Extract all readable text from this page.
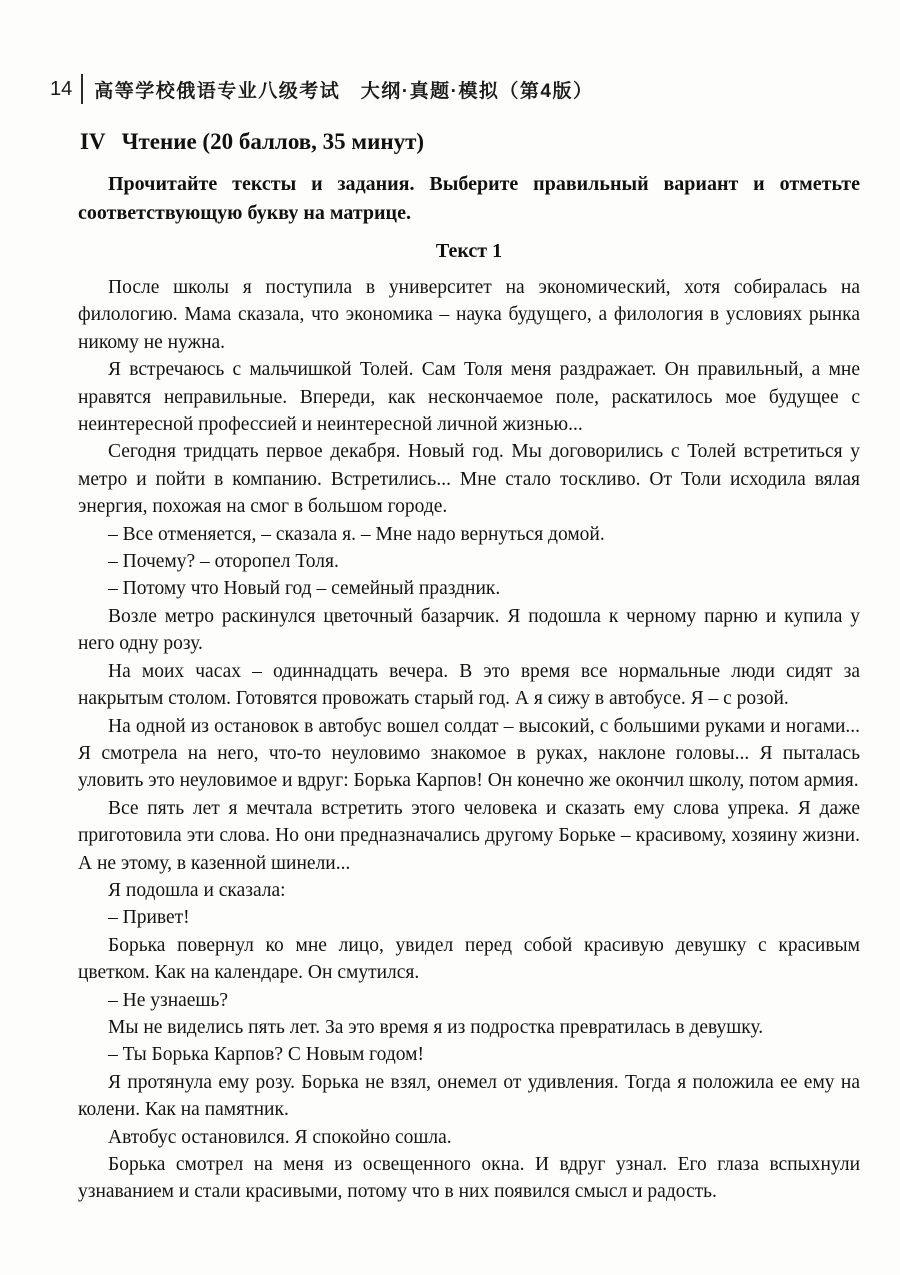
14 高等学校俄语专业八级考试　大纲·真题·模拟（第4版）
IV Чтение (20 баллов, 35 минут)

Прочитайте тексты и задания. Выберите правильный вариант и отметьте соответствующую букву на матрице.

Текст 1

После школы я поступила в университет на экономический, хотя собиралась на филологию. Мама сказала, что экономика – наука будущего, а филология в условиях рынка никому не нужна.

Я встречаюсь с мальчишкой Толей. Сам Толя меня раздражает. Он правильный, а мне нравятся неправильные. Впереди, как нескончаемое поле, раскатилось мое будущее с неинтересной профессией и неинтересной личной жизнью...

Сегодня тридцать первое декабря. Новый год. Мы договорились с Толей встретиться у метро и пойти в компанию. Встретились... Мне стало тоскливо. От Толи исходила вялая энергия, похожая на смог в большом городе.

– Все отменяется, – сказала я. – Мне надо вернуться домой.

– Почему? – оторопел Толя.

– Потому что Новый год – семейный праздник.

Возле метро раскинулся цветочный базарчик. Я подошла к черному парню и купила у него одну розу.

На моих часах – одиннадцать вечера. В это время все нормальные люди сидят за накрытым столом. Готовятся провожать старый год. А я сижу в автобусе. Я – с розой.

На одной из остановок в автобус вошел солдат – высокий, с большими руками и ногами... Я смотрела на него, что-то неуловимо знакомое в руках, наклоне головы... Я пыталась уловить это неуловимое и вдруг: Борька Карпов! Он конечно же окончил школу, потом армия.

Все пять лет я мечтала встретить этого человека и сказать ему слова упрека. Я даже приготовила эти слова. Но они предназначались другому Борьке – красивому, хозяину жизни. А не этому, в казенной шинели...

Я подошла и сказала:

– Привет!

Борька повернул ко мне лицо, увидел перед собой красивую девушку с красивым цветком. Как на календаре. Он смутился.

– Не узнаешь?

Мы не виделись пять лет. За это время я из подростка превратилась в девушку.

– Ты Борька Карпов? С Новым годом!

Я протянула ему розу. Борька не взял, онемел от удивления. Тогда я положила ее ему на колени. Как на памятник.

Автобус остановился. Я спокойно сошла.

Борька смотрел на меня из освещенного окна. И вдруг узнал. Его глаза вспыхнули узнаванием и стали красивыми, потому что в них появился смысл и радость.
